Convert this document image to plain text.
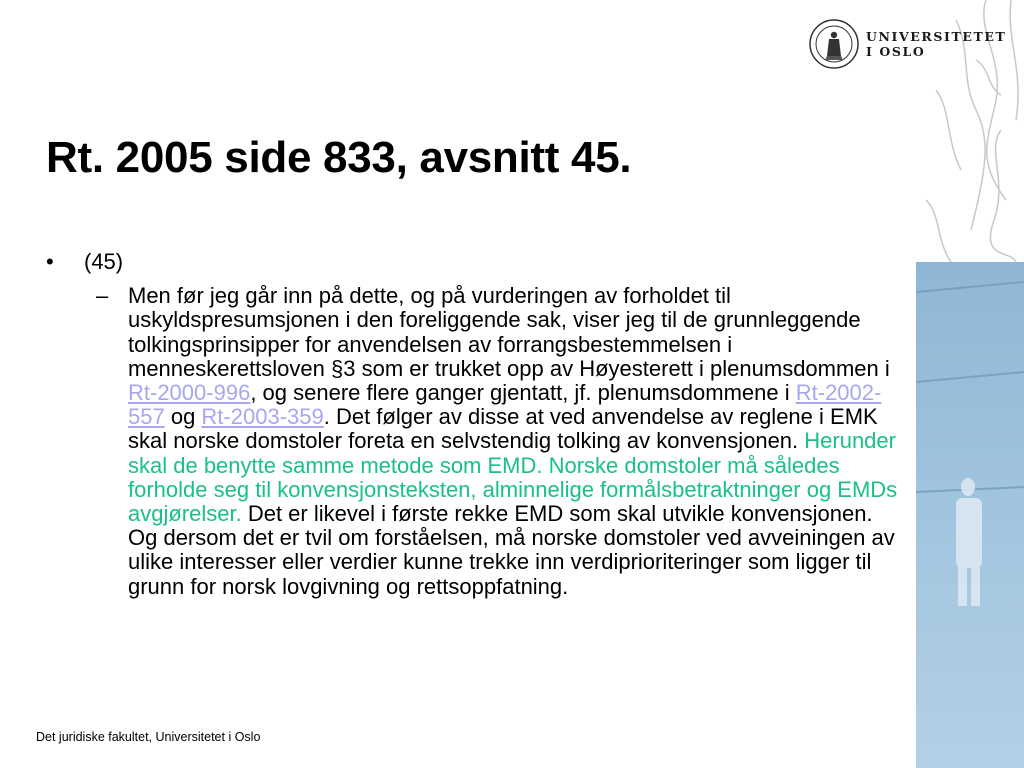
UNIVERSITETET
I OSLO
Rt. 2005 side 833, avsnitt 45.
• (45)
– Men før jeg går inn på dette, og på vurderingen av forholdet til uskyldspresumsjonen i den foreliggende sak, viser jeg til de grunnleggende tolkingsprinsipper for anvendelsen av forrangsbestemmelsen i menneskerettsloven §3 som er trukket opp av Høyesterett i plenumsdommen i Rt-2000-996, og senere flere ganger gjentatt, jf. plenumsdommene i Rt-2002-557 og Rt-2003-359. Det følger av disse at ved anvendelse av reglene i EMK skal norske domstoler foreta en selvstendig tolking av konvensjonen. Herunder skal de benytte samme metode som EMD. Norske domstoler må således forholde seg til konvensjonsteksten, alminnelige formålsbetraktninger og EMDs avgjørelser. Det er likevel i første rekke EMD som skal utvikle konvensjonen. Og dersom det er tvil om forståelsen, må norske domstoler ved avveiningen av ulike interesser eller verdier kunne trekke inn verdiprioriteringer som ligger til grunn for norsk lovgivning og rettsoppfatning.
Det juridiske fakultet, Universitetet i Oslo
